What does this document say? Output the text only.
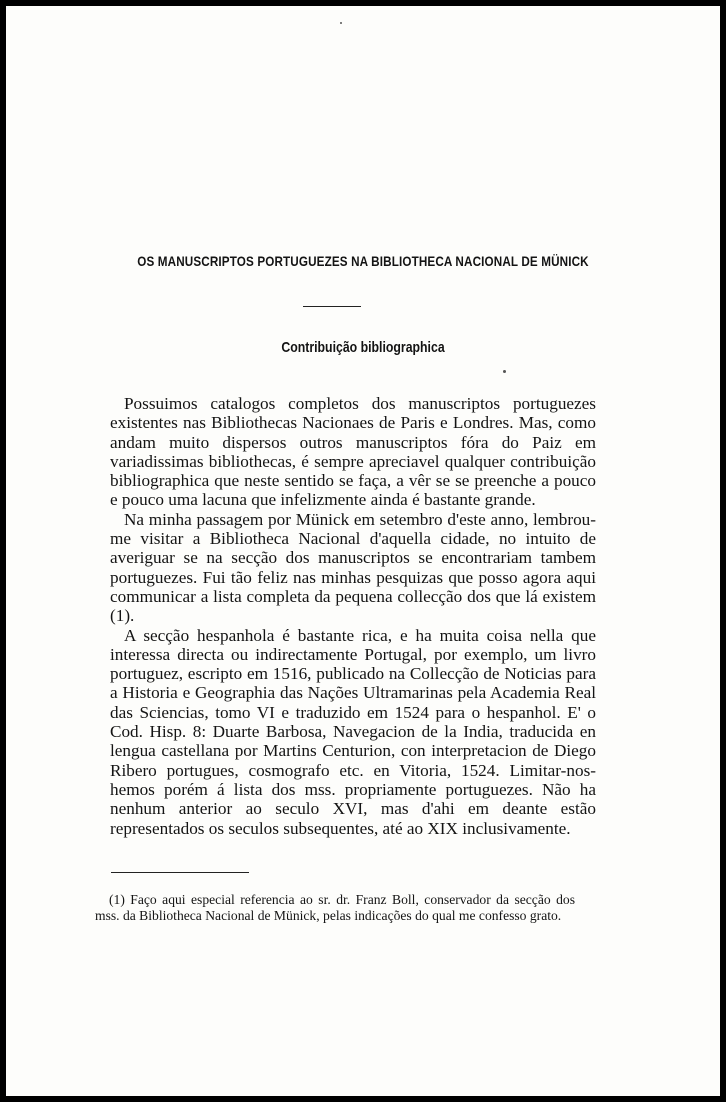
OS MANUSCRIPTOS PORTUGUEZES NA BIBLIOTHECA NACIONAL DE MÜNICK
Contribuição bibliographica

Possuimos catalogos completos dos manuscriptos portuguezes existentes nas Bibliothecas Nacionaes de Paris e Londres. Mas, como andam muito dispersos outros manuscriptos fóra do Paiz em variadissimas bibliothecas, é sempre apreciavel qualquer contribuição bibliographica que neste sentido se faça, a vêr se se preenche a pouco e pouco uma lacuna que infelizmente ainda é bastante grande.

Na minha passagem por Münick em setembro d'este anno, lembrou-me visitar a Bibliotheca Nacional d'aquella cidade, no intuito de averiguar se na secção dos manuscriptos se encontrariam tambem portuguezes. Fui tão feliz nas minhas pesquizas que posso agora aqui communicar a lista completa da pequena collecção dos que lá existem (1).

A secção hespanhola é bastante rica, e ha muita coisa nella que interessa directa ou indirectamente Portugal, por exemplo, um livro portuguez, escripto em 1516, publicado na Collecção de Noticias para a Historia e Geographia das Nações Ultramarinas pela Academia Real das Sciencias, tomo VI e traduzido em 1524 para o hespanhol. E' o Cod. Hisp. 8: Duarte Barbosa, Navegacion de la India, traducida en lengua castellana por Martins Centurion, con interpretacion de Diego Ribero portugues, cosmografo etc. en Vitoria, 1524. Limitar-nos-hemos porém á lista dos mss. propriamente portuguezes. Não ha nenhum anterior ao seculo XVI, mas d'ahi em deante estão representados os seculos subsequentes, até ao XIX inclusivamente.

(1) Faço aqui especial referencia ao sr. dr. Franz Boll, conservador da secção dos mss. da Bibliotheca Nacional de Münick, pelas indicações do qual me confesso grato.
